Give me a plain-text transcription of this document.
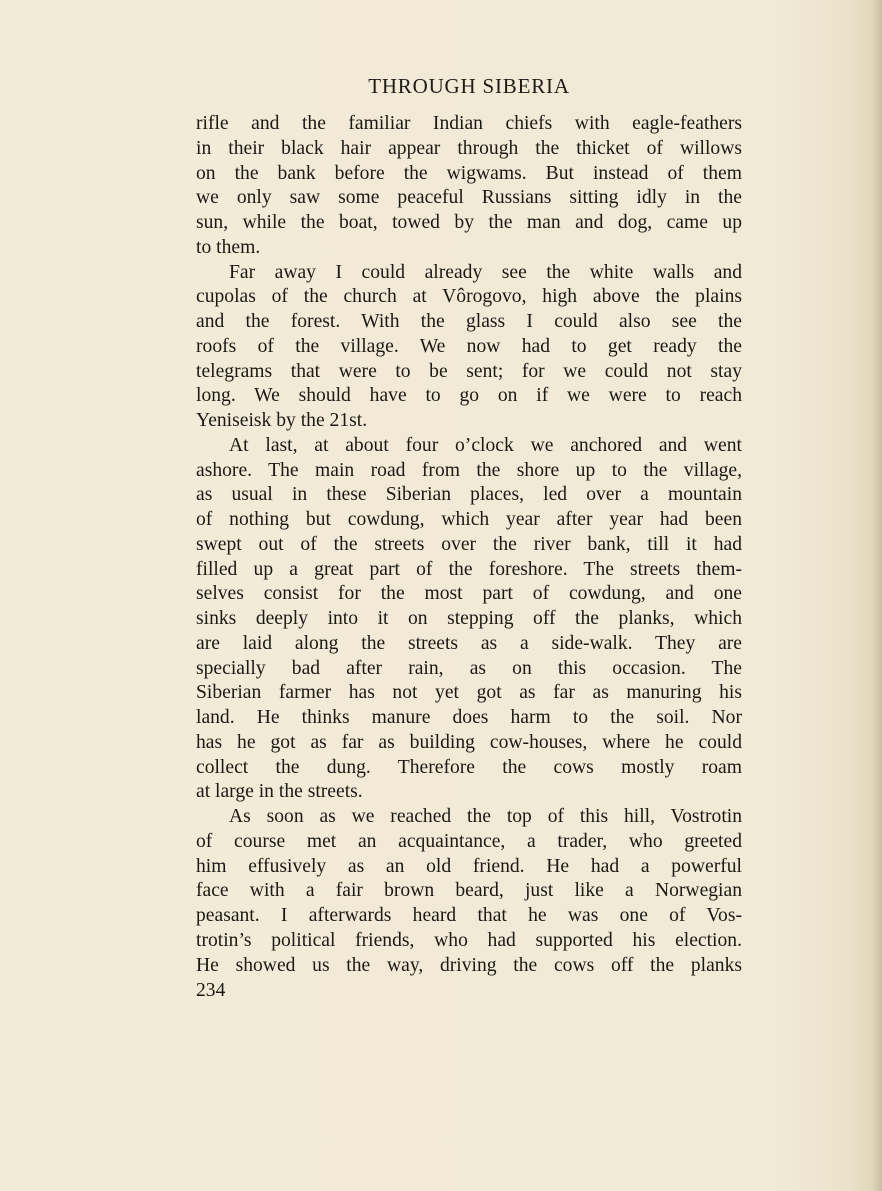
THROUGH SIBERIA
rifle and the familiar Indian chiefs with eagle-feathers
in their black hair appear through the thicket of willows
on the bank before the wigwams. But instead of them
we only saw some peaceful Russians sitting idly in the
sun, while the boat, towed by the man and dog, came up
to them.
Far away I could already see the white walls and
cupolas of the church at Vôrogovo, high above the plains
and the forest. With the glass I could also see the
roofs of the village. We now had to get ready the
telegrams that were to be sent; for we could not stay
long. We should have to go on if we were to reach
Yeniseisk by the 21st.
At last, at about four o’clock we anchored and went
ashore. The main road from the shore up to the village,
as usual in these Siberian places, led over a mountain
of nothing but cowdung, which year after year had been
swept out of the streets over the river bank, till it had
filled up a great part of the foreshore. The streets them-
selves consist for the most part of cowdung, and one
sinks deeply into it on stepping off the planks, which
are laid along the streets as a side-walk. They are
specially bad after rain, as on this occasion. The
Siberian farmer has not yet got as far as manuring his
land. He thinks manure does harm to the soil. Nor
has he got as far as building cow-houses, where he could
collect the dung. Therefore the cows mostly roam
at large in the streets.
As soon as we reached the top of this hill, Vostrotin
of course met an acquaintance, a trader, who greeted
him effusively as an old friend. He had a powerful
face with a fair brown beard, just like a Norwegian
peasant. I afterwards heard that he was one of Vos-
trotin’s political friends, who had supported his election.
He showed us the way, driving the cows off the planks
234
